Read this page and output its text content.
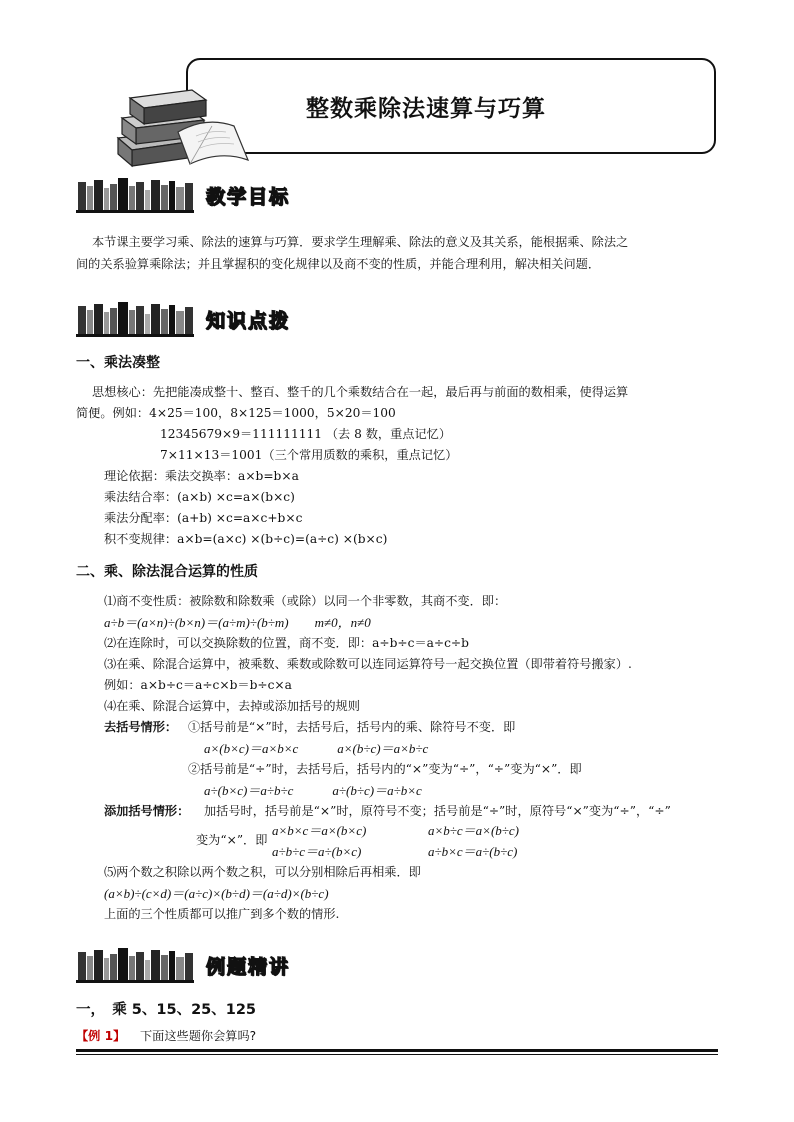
整数乘除法速算与巧算
教学目标
本节课主要学习乘、除法的速算与巧算．要求学生理解乘、除法的意义及其关系，能根据乘、除法之
间的关系验算乘除法；并且掌握积的变化规律以及商不变的性质，并能合理利用，解决相关问题．
知识点拨
一、乘法凑整
思想核心：先把能凑成整十、整百、整千的几个乘数结合在一起，最后再与前面的数相乘，使得运算
简便。例如：4×25＝100，8×125＝1000，5×20＝100
12345679×9＝111111111 （去 8 数，重点记忆）
7×11×13＝1001（三个常用质数的乘积，重点记忆）
理论依据：乘法交换率：a×b=b×a
乘法结合率：(a×b) ×c=a×(b×c)
乘法分配率：(a+b) ×c=a×c+b×c
积不变规律：a×b=(a×c) ×(b÷c)=(a÷c) ×(b×c)
二、乘、除法混合运算的性质
⑴商不变性质：被除数和除数乘（或除）以同一个非零数，其商不变．即：
a÷b＝(a×n)÷(b×n)＝(a÷m)÷(b÷m)　　m≠0，n≠0
⑵在连除时，可以交换除数的位置，商不变．即：a÷b÷c＝a÷c÷b
⑶在乘、除混合运算中，被乘数、乘数或除数可以连同运算符号一起交换位置（即带着符号搬家）.
例如：a×b÷c＝a÷c×b＝b÷c×a
⑷在乘、除混合运算中，去掉或添加括号的规则
去括号情形： ①括号前是“×”时，去括号后，括号内的乘、除符号不变．即
a×(b×c)＝a×b×c　　　a×(b÷c)＝a×b÷c
②括号前是“÷”时，去括号后，括号内的“×”变为“÷”，“÷”变为“×”．即
a÷(b×c)＝a÷b÷c　　　a÷(b÷c)＝a÷b×c
添加括号情形： 加括号时，括号前是“×”时，原符号不变；括号前是“÷”时，原符号“×”变为“÷”，“÷”
变为“×”．即
a×b×c＝a×(b×c)	a×b÷c＝a×(b÷c)
a÷b÷c＝a÷(b×c)	a÷b×c＝a÷(b÷c)
⑸两个数之积除以两个数之积，可以分别相除后再相乘．即
(a×b)÷(c×d)＝(a÷c)×(b÷d)＝(a÷d)×(b÷c)
上面的三个性质都可以推广到多个数的情形.
例题精讲
一，　乘 5、15、25、125
【例 1】 下面这些题你会算吗?
